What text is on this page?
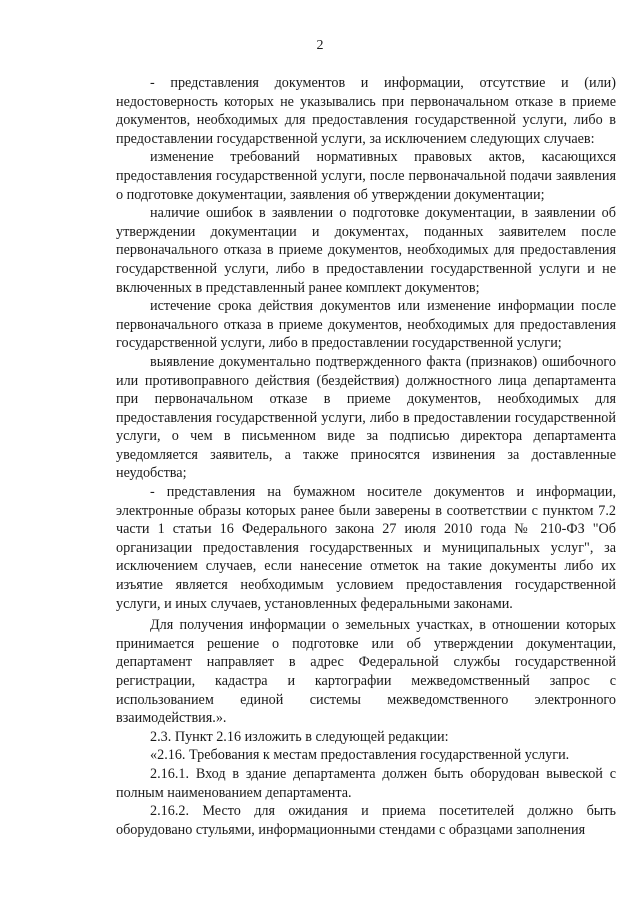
2

- представления документов и информации, отсутствие и (или) недостоверность которых не указывались при первоначальном отказе в приеме документов, необходимых для предоставления государственной услуги, либо в предоставлении государственной услуги, за исключением следующих случаев:

изменение требований нормативных правовых актов, касающихся предоставления государственной услуги, после первоначальной подачи заявления о подготовке документации, заявления об утверждении документации;

наличие ошибок в заявлении о подготовке документации, в заявлении об утверждении документации и документах, поданных заявителем после первоначального отказа в приеме документов, необходимых для предоставления государственной услуги, либо в предоставлении государственной услуги и не включенных в представленный ранее комплект документов;

истечение срока действия документов или изменение информации после первоначального отказа в приеме документов, необходимых для предоставления государственной услуги, либо в предоставлении государственной услуги;

выявление документально подтвержденного факта (признаков) ошибочного или противоправного действия (бездействия) должностного лица департамента при первоначальном отказе в приеме документов, необходимых для предоставления государственной услуги, либо в предоставлении государственной услуги, о чем в письменном виде за подписью директора департамента уведомляется заявитель, а также приносятся извинения за доставленные неудобства;

- представления на бумажном носителе документов и информации, электронные образы которых ранее были заверены в соответствии с пунктом 7.2 части 1 статьи 16 Федерального закона 27 июля 2010 года № 210-ФЗ "Об организации предоставления государственных и муниципальных услуг", за исключением случаев, если нанесение отметок на такие документы либо их изъятие является необходимым условием предоставления государственной услуги, и иных случаев, установленных федеральными законами.

Для получения информации о земельных участках, в отношении которых принимается решение о подготовке или об утверждении документации, департамент направляет в адрес Федеральной службы государственной регистрации, кадастра и картографии межведомственный запрос с использованием единой системы межведомственного электронного взаимодействия.».

2.3. Пункт 2.16 изложить в следующей редакции:

«2.16. Требования к местам предоставления государственной услуги.

2.16.1. Вход в здание департамента должен быть оборудован вывеской с полным наименованием департамента.

2.16.2. Место для ожидания и приема посетителей должно быть оборудовано стульями, информационными стендами с образцами заполнения
